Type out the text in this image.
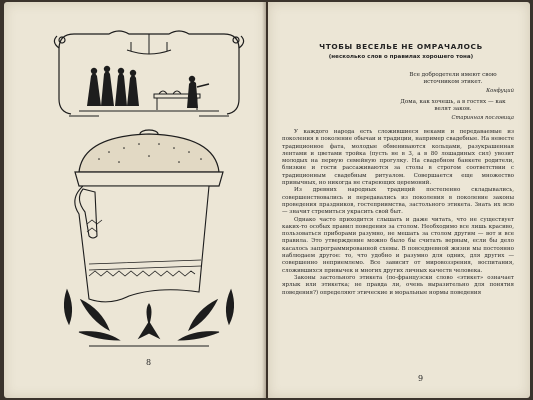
8
ЧТОБЫ ВЕСЕЛЬЕ НЕ ОМРАЧАЛОСЬ
(несколько слов о правилах хорошего тона)
Все добродетели имеют свою источником этикет.
Конфуций
Дома, как хочешь, а в гостях — как велят закон.
Старинная пословица

У каждого народа есть сложившиеся веками и передаваемые из поколения в поколение обычаи и традиции, например свадебные. На невесте традиционное фата, молодые обмениваются кольцами, разукрашенная лентами и цветами тройка (пусть не в 3, а в 80 лошадиных сил) увозит молодых на первую семейную прогулку. На свадебном банкете родители, близкие и гости рассаживаются за столы в строгом соответствии с традиционным свадебным ритуалом. Совершается еще множество привычных, но никогда не стареющих церемоний.

Из древних народных традиций постепенно складывались, совершенствовались и передавались из поколения в поколение законы проведения праздников, гостеприимства, застольного этикета. Знать их всю — значит стремиться украсить свой быт.

Однако часто приходится слышать и даже читать, что не существует каких-то особых правил поведения за столом. Необходимо все лишь красиво, пользоваться приборами разумно, не мешать за столом другим — вот и все правила. Это утверждение можно было бы считать верным, если бы дело касалось запрограммированной схемы. В повседневной жизни мы постоянно наблюдаем другое: то, что удобно и разумно для одних, для других — совершенно неприемлемо. Все зависит от мировоззрения, воспитания, сложившихся привычек и многих других личных качеств человека.

Законы застольного этикета (по-французски слово «этикет» означает ярлык или этикетка; не правда ли, очень выразительно для понятия поведения?) определяют этические и моральные нормы поведения

9
